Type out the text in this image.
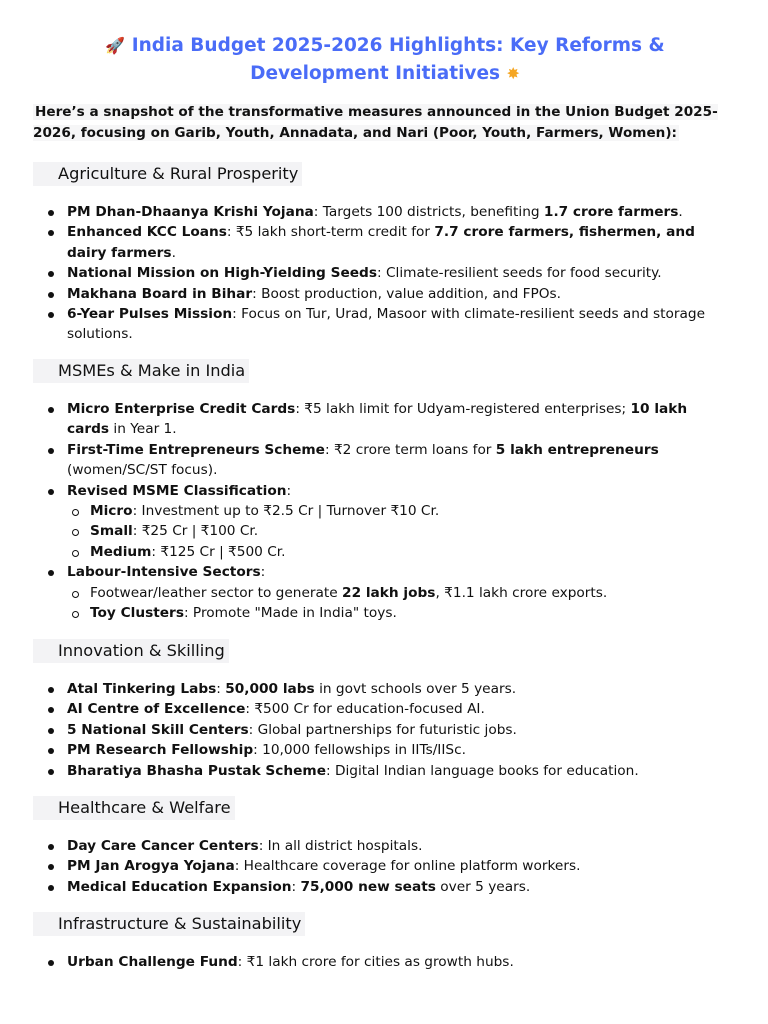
🚀 India Budget 2025-2026 Highlights: Key Reforms & Development Initiatives ✸
Here’s a snapshot of the transformative measures announced in the Union Budget 2025-2026, focusing on Garib, Youth, Annadata, and Nari (Poor, Youth, Farmers, Women):
Agriculture & Rural Prosperity
PM Dhan-Dhaanya Krishi Yojana: Targets 100 districts, benefiting 1.7 crore farmers.
Enhanced KCC Loans: ₹5 lakh short-term credit for 7.7 crore farmers, fishermen, and dairy farmers.
National Mission on High-Yielding Seeds: Climate-resilient seeds for food security.
Makhana Board in Bihar: Boost production, value addition, and FPOs.
6-Year Pulses Mission: Focus on Tur, Urad, Masoor with climate-resilient seeds and storage solutions.
MSMEs & Make in India
Micro Enterprise Credit Cards: ₹5 lakh limit for Udyam-registered enterprises; 10 lakh cards in Year 1.
First-Time Entrepreneurs Scheme: ₹2 crore term loans for 5 lakh entrepreneurs (women/SC/ST focus).
Revised MSME Classification:
Micro: Investment up to ₹2.5 Cr | Turnover ₹10 Cr.
Small: ₹25 Cr | ₹100 Cr.
Medium: ₹125 Cr | ₹500 Cr.
Labour-Intensive Sectors:
Footwear/leather sector to generate 22 lakh jobs, ₹1.1 lakh crore exports.
Toy Clusters: Promote "Made in India" toys.
Innovation & Skilling
Atal Tinkering Labs: 50,000 labs in govt schools over 5 years.
AI Centre of Excellence: ₹500 Cr for education-focused AI.
5 National Skill Centers: Global partnerships for futuristic jobs.
PM Research Fellowship: 10,000 fellowships in IITs/IISc.
Bharatiya Bhasha Pustak Scheme: Digital Indian language books for education.
Healthcare & Welfare
Day Care Cancer Centers: In all district hospitals.
PM Jan Arogya Yojana: Healthcare coverage for online platform workers.
Medical Education Expansion: 75,000 new seats over 5 years.
Infrastructure & Sustainability
Urban Challenge Fund: ₹1 lakh crore for cities as growth hubs.
